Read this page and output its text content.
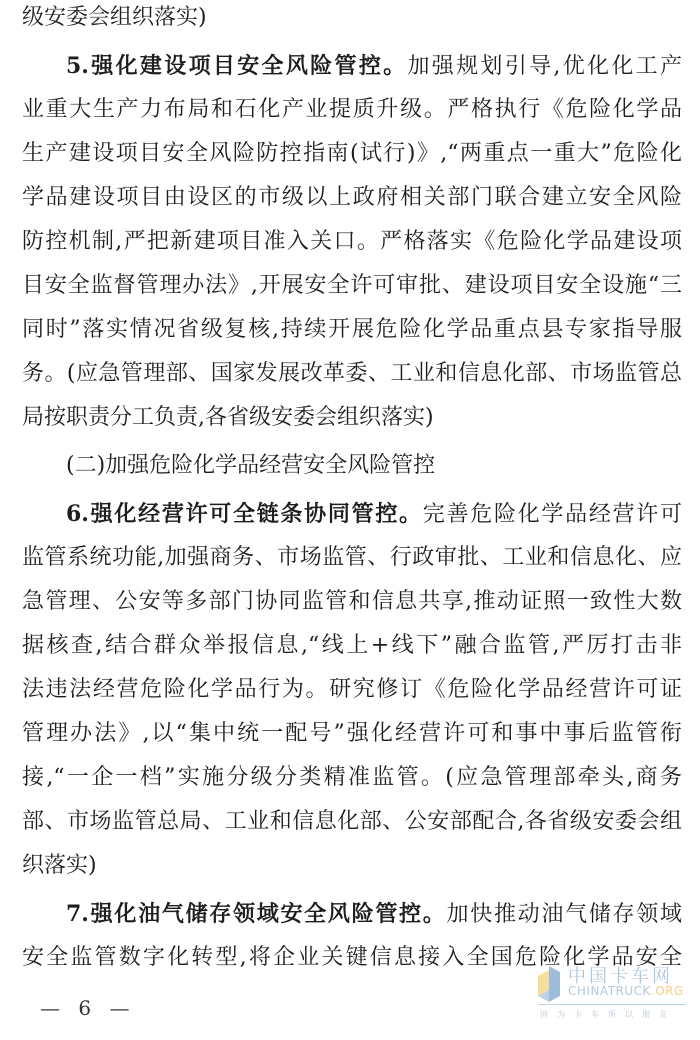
级安委会组织落实)
5.强化建设项目安全风险管控。加强规划引导,优化化工产
业重大生产力布局和石化产业提质升级。严格执行《危险化学品
生产建设项目安全风险防控指南(试行)》,“两重点一重大”危险化
学品建设项目由设区的市级以上政府相关部门联合建立安全风险
防控机制,严把新建项目准入关口。严格落实《危险化学品建设项
目安全监督管理办法》,开展安全许可审批、建设项目安全设施“三
同时”落实情况省级复核,持续开展危险化学品重点县专家指导服
务。(应急管理部、国家发展改革委、工业和信息化部、市场监管总
局按职责分工负责,各省级安委会组织落实)
(二)加强危险化学品经营安全风险管控
6.强化经营许可全链条协同管控。完善危险化学品经营许可
监管系统功能,加强商务、市场监管、行政审批、工业和信息化、应
急管理、公安等多部门协同监管和信息共享,推动证照一致性大数
据核查,结合群众举报信息,“线上+线下”融合监管,严厉打击非
法违法经营危险化学品行为。研究修订《危险化学品经营许可证
管理办法》,以“集中统一配号”强化经营许可和事中事后监管衔
接,“一企一档”实施分级分类精准监管。(应急管理部牵头,商务
部、市场监管总局、工业和信息化部、公安部配合,各省级安委会组
织落实)
7.强化油气储存领域安全风险管控。加快推动油气储存领域
安全监管数字化转型,将企业关键信息接入全国危险化学品安全
— 6 —
中国卡车网
CHINATRUCK.ORG
因为卡车所以朋友
